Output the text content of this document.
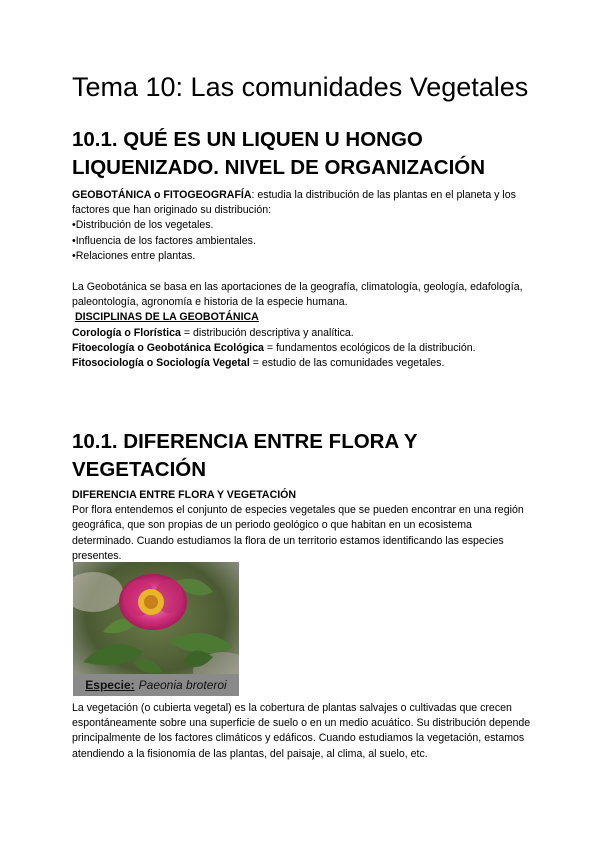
Tema 10: Las comunidades Vegetales
10.1. QUÉ ES UN LIQUEN U HONGO
LIQUENIZADO. NIVEL DE ORGANIZACIÓN

GEOBOTÁNICA o FITOGEOGRAFÍA: estudia la distribución de las plantas en el planeta y los factores que han originado su distribución:

•Distribución de los vegetales.

•Influencia de los factores ambientales.

•Relaciones entre plantas.

La Geobotánica se basa en las aportaciones de la geografía, climatología, geología, edafología, paleontología, agronomía e historia de la especie humana.

DISCIPLINAS DE LA GEOBOTÁNICA

Corología o Florística = distribución descriptiva y analítica.

Fitoecología o Geobotánica Ecológica = fundamentos ecológicos de la distribución.

Fitosociología o Sociología Vegetal = estudio de las comunidades vegetales.

10.1. DIFERENCIA ENTRE FLORA Y
VEGETACIÓN

DIFERENCIA ENTRE FLORA Y VEGETACIÓN

Por flora entendemos el conjunto de especies vegetales que se pueden encontrar en una región geográfica, que son propias de un periodo geológico o que habitan en un ecosistema determinado. Cuando estudiamos la flora de un territorio estamos identificando las especies presentes.

Especie: Paeonia broteroi

La vegetación (o cubierta vegetal) es la cobertura de plantas salvajes o cultivadas que crecen espontáneamente sobre una superficie de suelo o en un medio acuático. Su distribución depende principalmente de los factores climáticos y edáficos. Cuando estudiamos la vegetación, estamos atendiendo a la fisionomía de las plantas, del paisaje, al clima, al suelo, etc.
